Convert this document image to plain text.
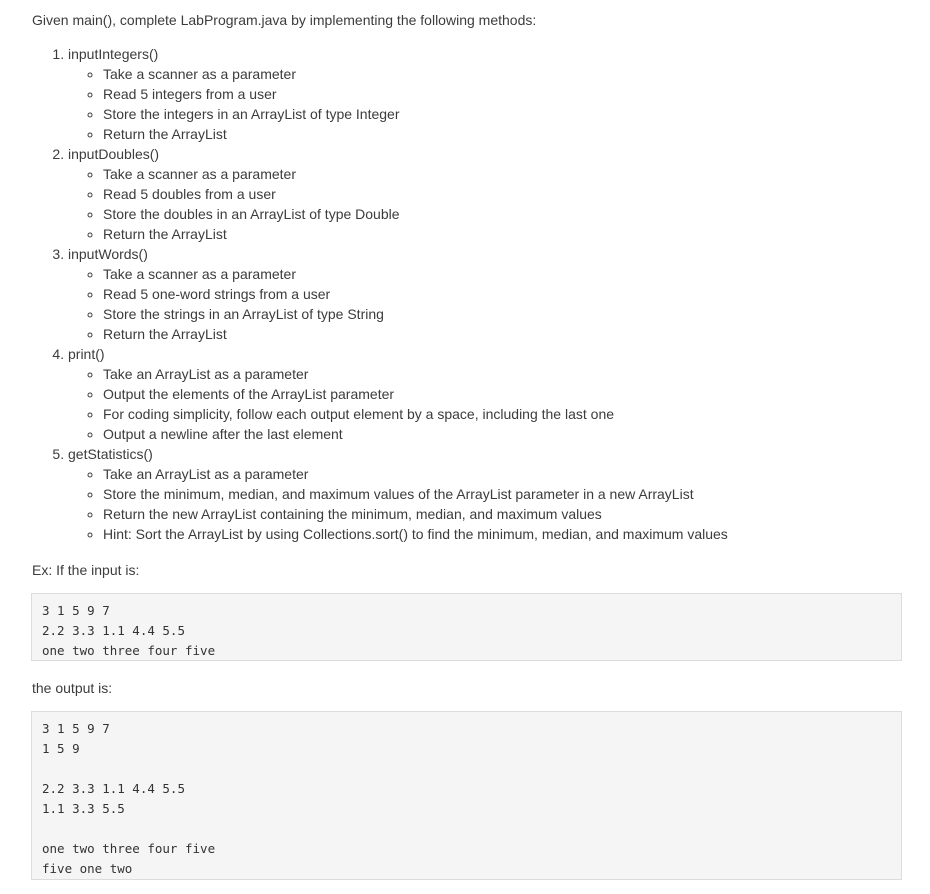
Given main(), complete LabProgram.java by implementing the following methods:
1. inputIntegers()
◦ Take a scanner as a parameter
◦ Read 5 integers from a user
◦ Store the integers in an ArrayList of type Integer
◦ Return the ArrayList
2. inputDoubles()
◦ Take a scanner as a parameter
◦ Read 5 doubles from a user
◦ Store the doubles in an ArrayList of type Double
◦ Return the ArrayList
3. inputWords()
◦ Take a scanner as a parameter
◦ Read 5 one-word strings from a user
◦ Store the strings in an ArrayList of type String
◦ Return the ArrayList
4. print()
◦ Take an ArrayList as a parameter
◦ Output the elements of the ArrayList parameter
◦ For coding simplicity, follow each output element by a space, including the last one
◦ Output a newline after the last element
5. getStatistics()
◦ Take an ArrayList as a parameter
◦ Store the minimum, median, and maximum values of the ArrayList parameter in a new ArrayList
◦ Return the new ArrayList containing the minimum, median, and maximum values
◦ Hint: Sort the ArrayList by using Collections.sort() to find the minimum, median, and maximum values
Ex: If the input is:
3 1 5 9 7
2.2 3.3 1.1 4.4 5.5
one two three four five
the output is:
3 1 5 9 7
1 5 9
2.2 3.3 1.1 4.4 5.5
1.1 3.3 5.5
one two three four five
five one two
